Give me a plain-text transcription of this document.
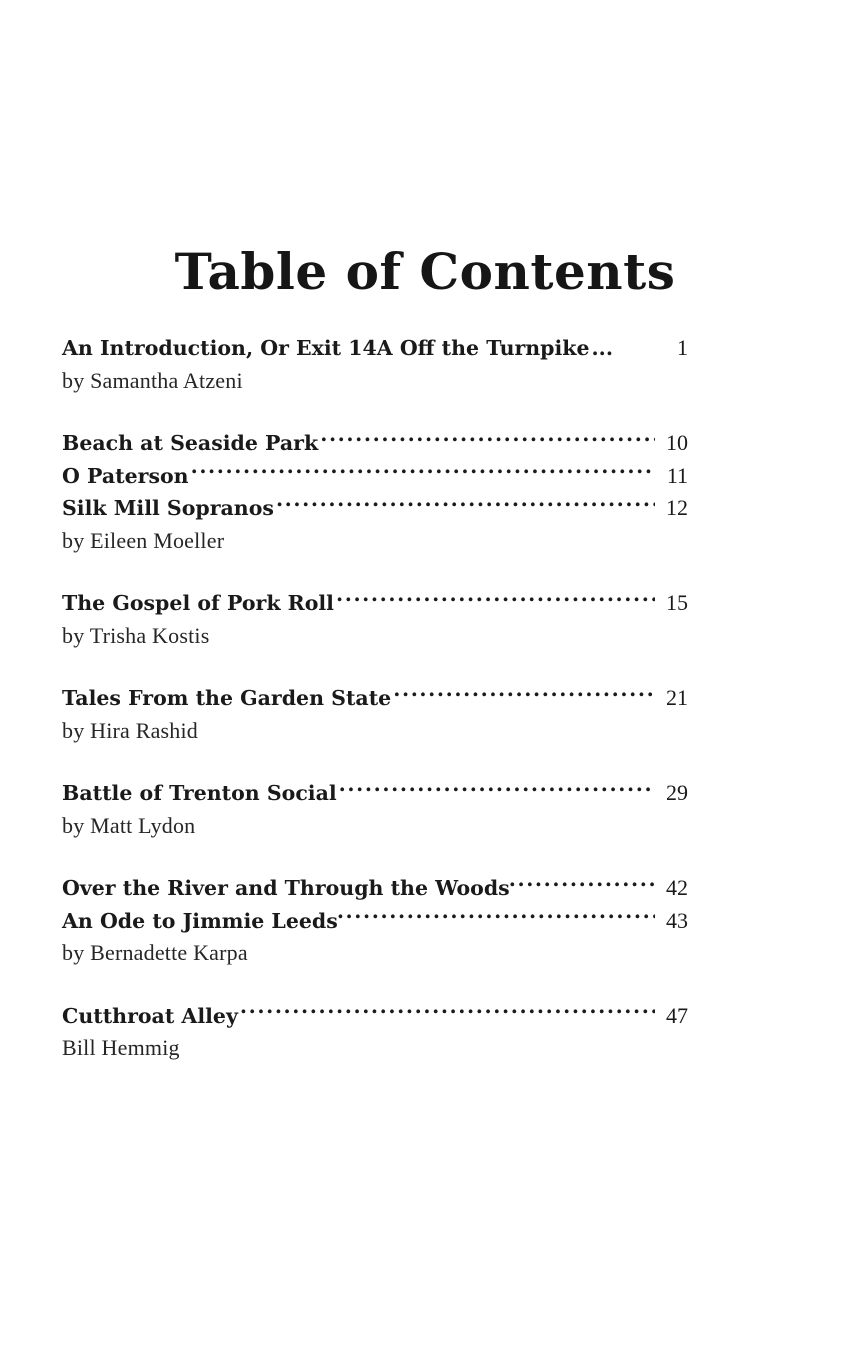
Table of Contents
An Introduction, Or Exit 14A Off the Turnpike ...	1
by Samantha Atzeni
Beach at Seaside Park .....	10
O Paterson .....	11
Silk Mill Sopranos .....	12
by Eileen Moeller
The Gospel of Pork Roll .....	15
by Trisha Kostis
Tales From the Garden State .....	21
by Hira Rashid
Battle of Trenton Social .....	29
by Matt Lydon
Over the River and Through the Woods .....	42
An Ode to Jimmie Leeds .....	43
by Bernadette Karpa
Cutthroat Alley .....	47
Bill Hemmig
